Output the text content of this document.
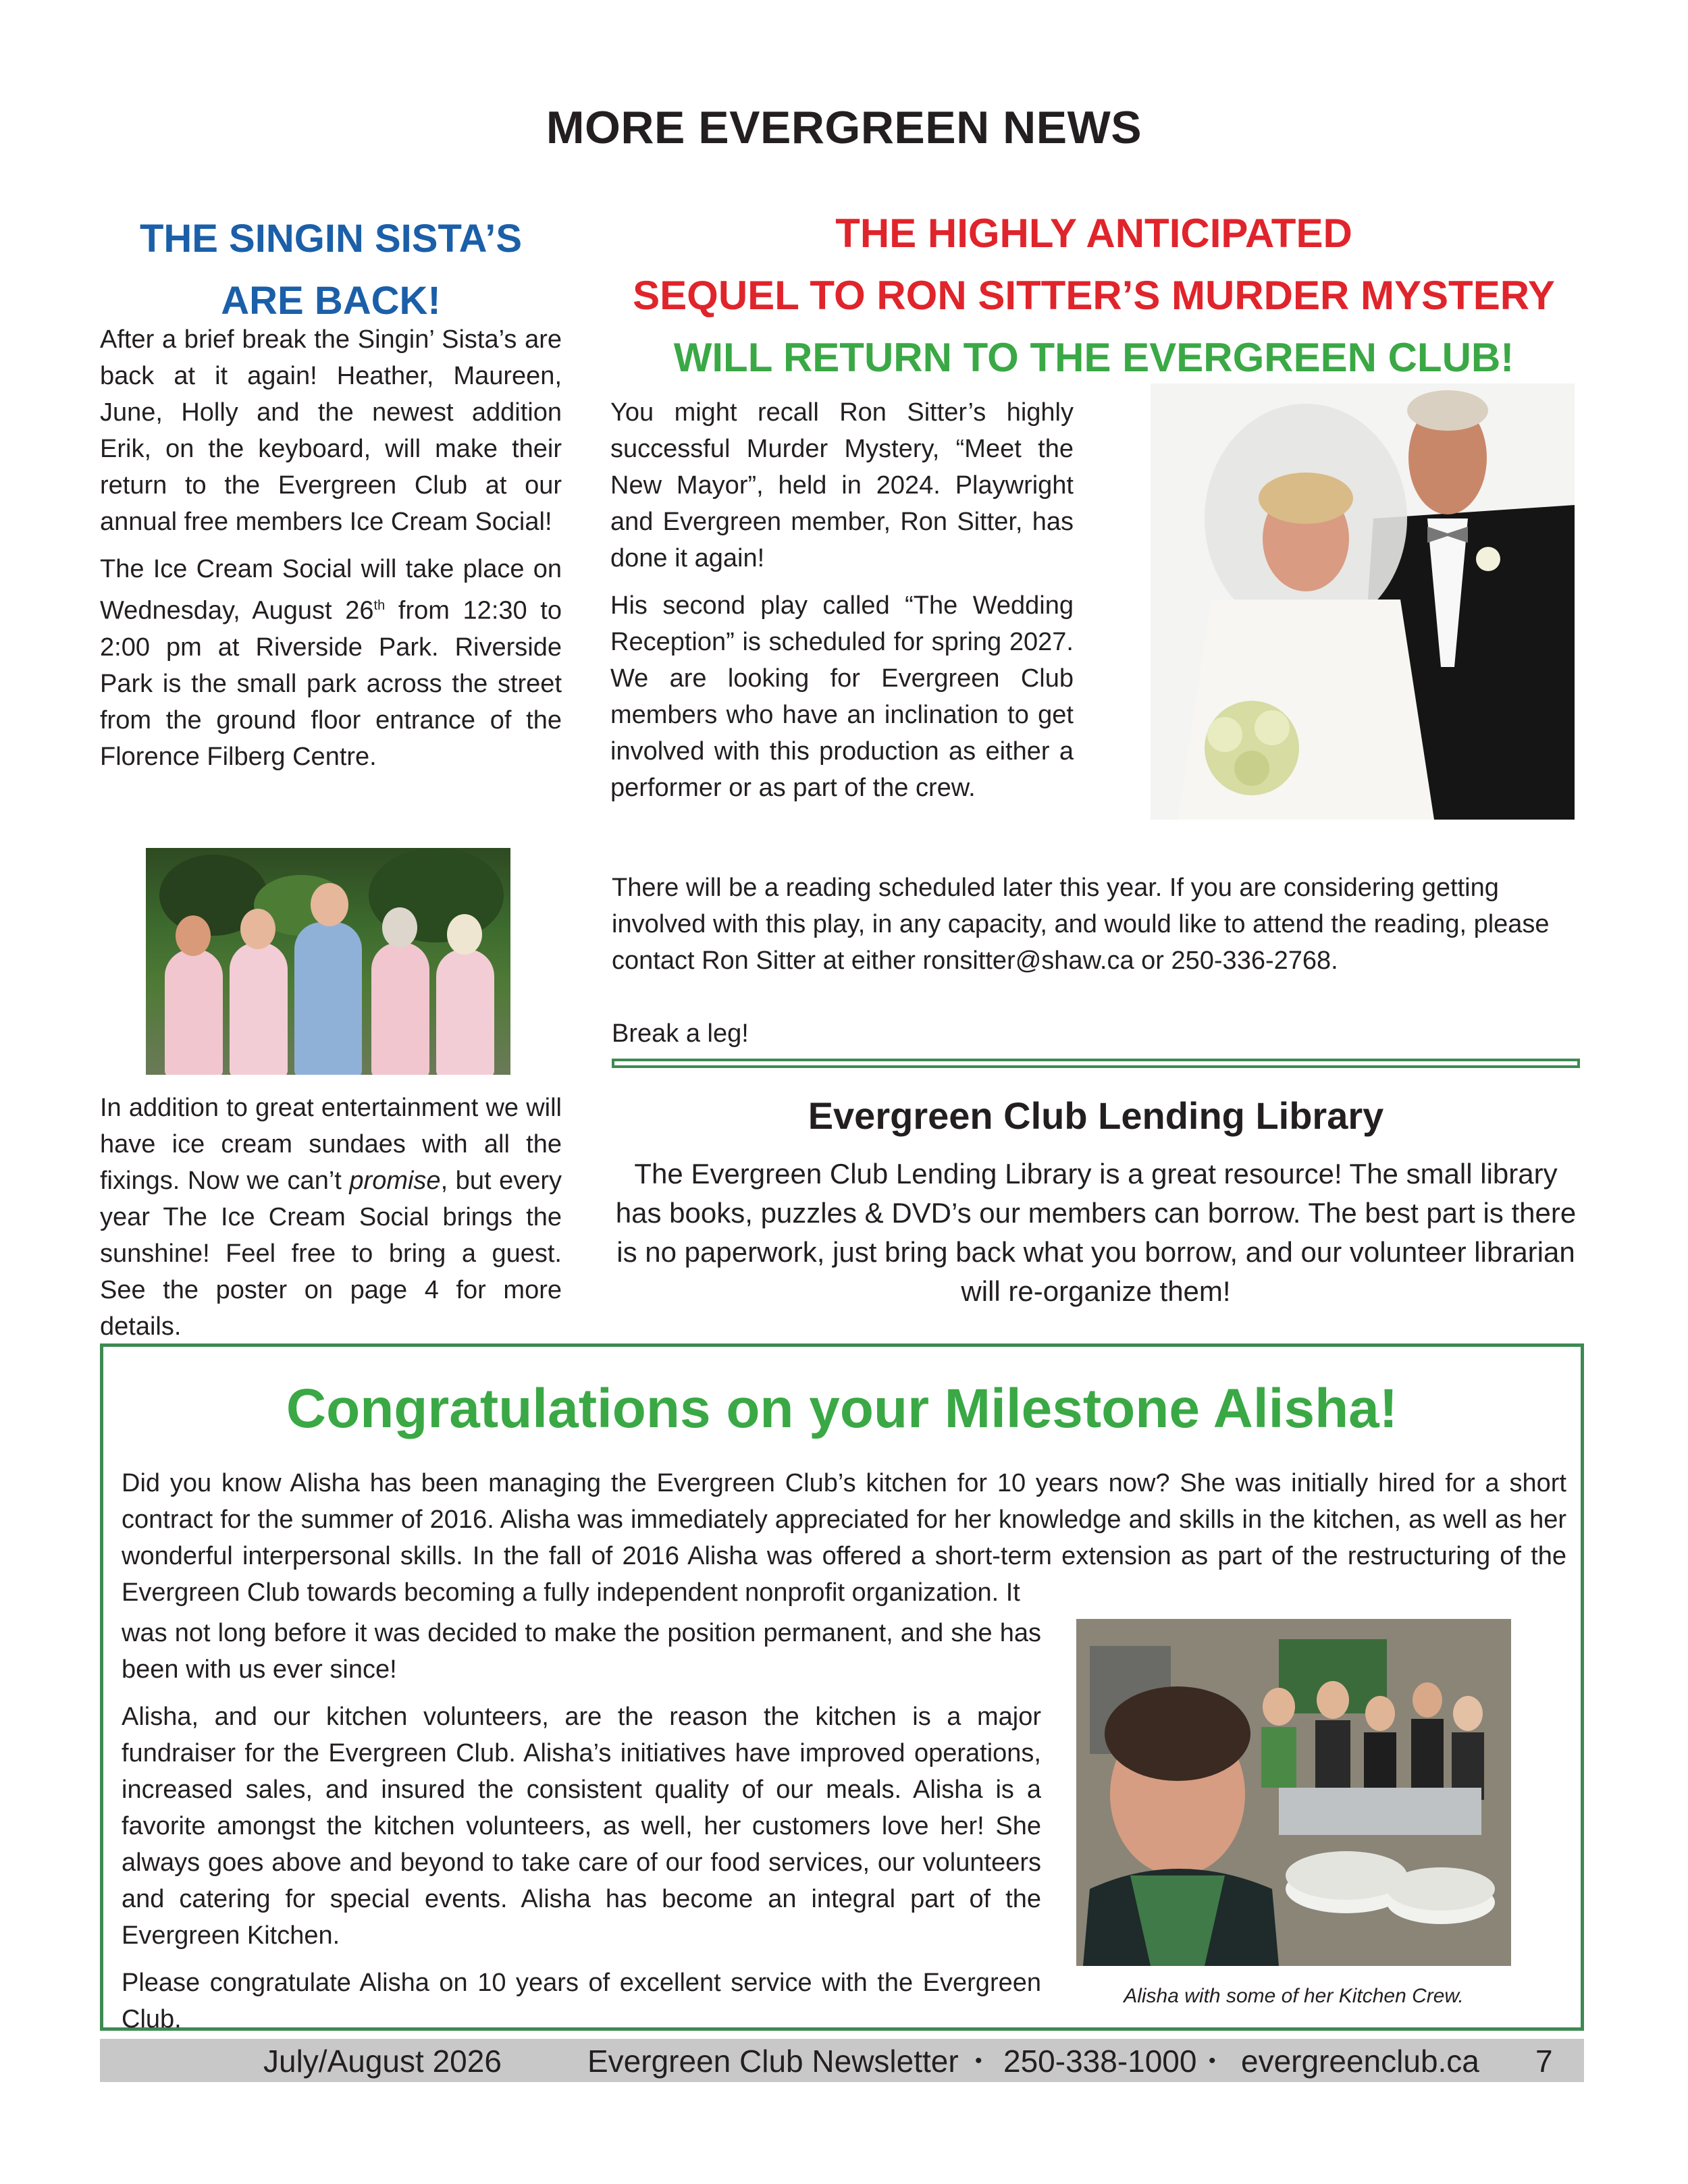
MORE EVERGREEN NEWS
THE SINGIN SISTA’S
ARE BACK!

After a brief break the Singin’ Sista’s are back at it again! Heather, Maureen, June, Holly and the newest addition Erik, on the keyboard, will make their return to the Evergreen Club at our annual free members Ice Cream Social!

The Ice Cream Social will take place on Wednesday, August 26th from 12:30 to 2:00 pm at Riverside Park. Riverside Park is the small park across the street from the ground floor entrance of the Florence Filberg Centre.

In addition to great entertainment we will have ice cream sundaes with all the fixings. Now we can’t promise, but every year The Ice Cream Social brings the sunshine! Feel free to bring a guest. See the poster on page 4 for more details.

THE HIGHLY ANTICIPATED
SEQUEL TO RON SITTER’S MURDER MYSTERY
WILL RETURN TO THE EVERGREEN CLUB!

You might recall Ron Sitter’s highly successful Murder Mystery, “Meet the New Mayor”, held in 2024. Playwright and Evergreen member, Ron Sitter, has done it again!

His second play called “The Wedding Reception” is scheduled for spring 2027. We are looking for Evergreen Club members who have an inclination to get involved with this production as either a performer or as part of the crew.

There will be a reading scheduled later this year. If you are considering getting involved with this play, in any capacity, and would like to attend the reading, please contact Ron Sitter at either ronsitter@shaw.ca or 250-336-2768.

Break a leg!

Evergreen Club Lending Library
The Evergreen Club Lending Library is a great resource! The small library has books, puzzles & DVD’s our members can borrow. The best part is there is no paperwork, just bring back what you borrow, and our volunteer librarian will re-organize them!
Congratulations on your Milestone Alisha!

Did you know Alisha has been managing the Evergreen Club’s kitchen for 10 years now? She was initially hired for a short contract for the summer of 2016. Alisha was immediately appreciated for her knowledge and skills in the kitchen, as well as her wonderful interpersonal skills. In the fall of 2016 Alisha was offered a short-term extension as part of the restructuring of the Evergreen Club towards becoming a fully independent nonprofit organization. It

was not long before it was decided to make the position permanent, and she has been with us ever since!

Alisha, and our kitchen volunteers, are the reason the kitchen is a major fundraiser for the Evergreen Club. Alisha’s initiatives have improved operations, increased sales, and insured the consistent quality of our meals. Alisha is a favorite amongst the kitchen volunteers, as well, her customers love her! She always goes above and beyond to take care of our food services, our volunteers and catering for special events. Alisha has become an integral part of the Evergreen Kitchen.

Please congratulate Alisha on 10 years of excellent service with the Evergreen Club.

Alisha with some of her Kitchen Crew.
July/August 2026	Evergreen Club Newsletter • 250-338-1000 • evergreenclub.ca 7
